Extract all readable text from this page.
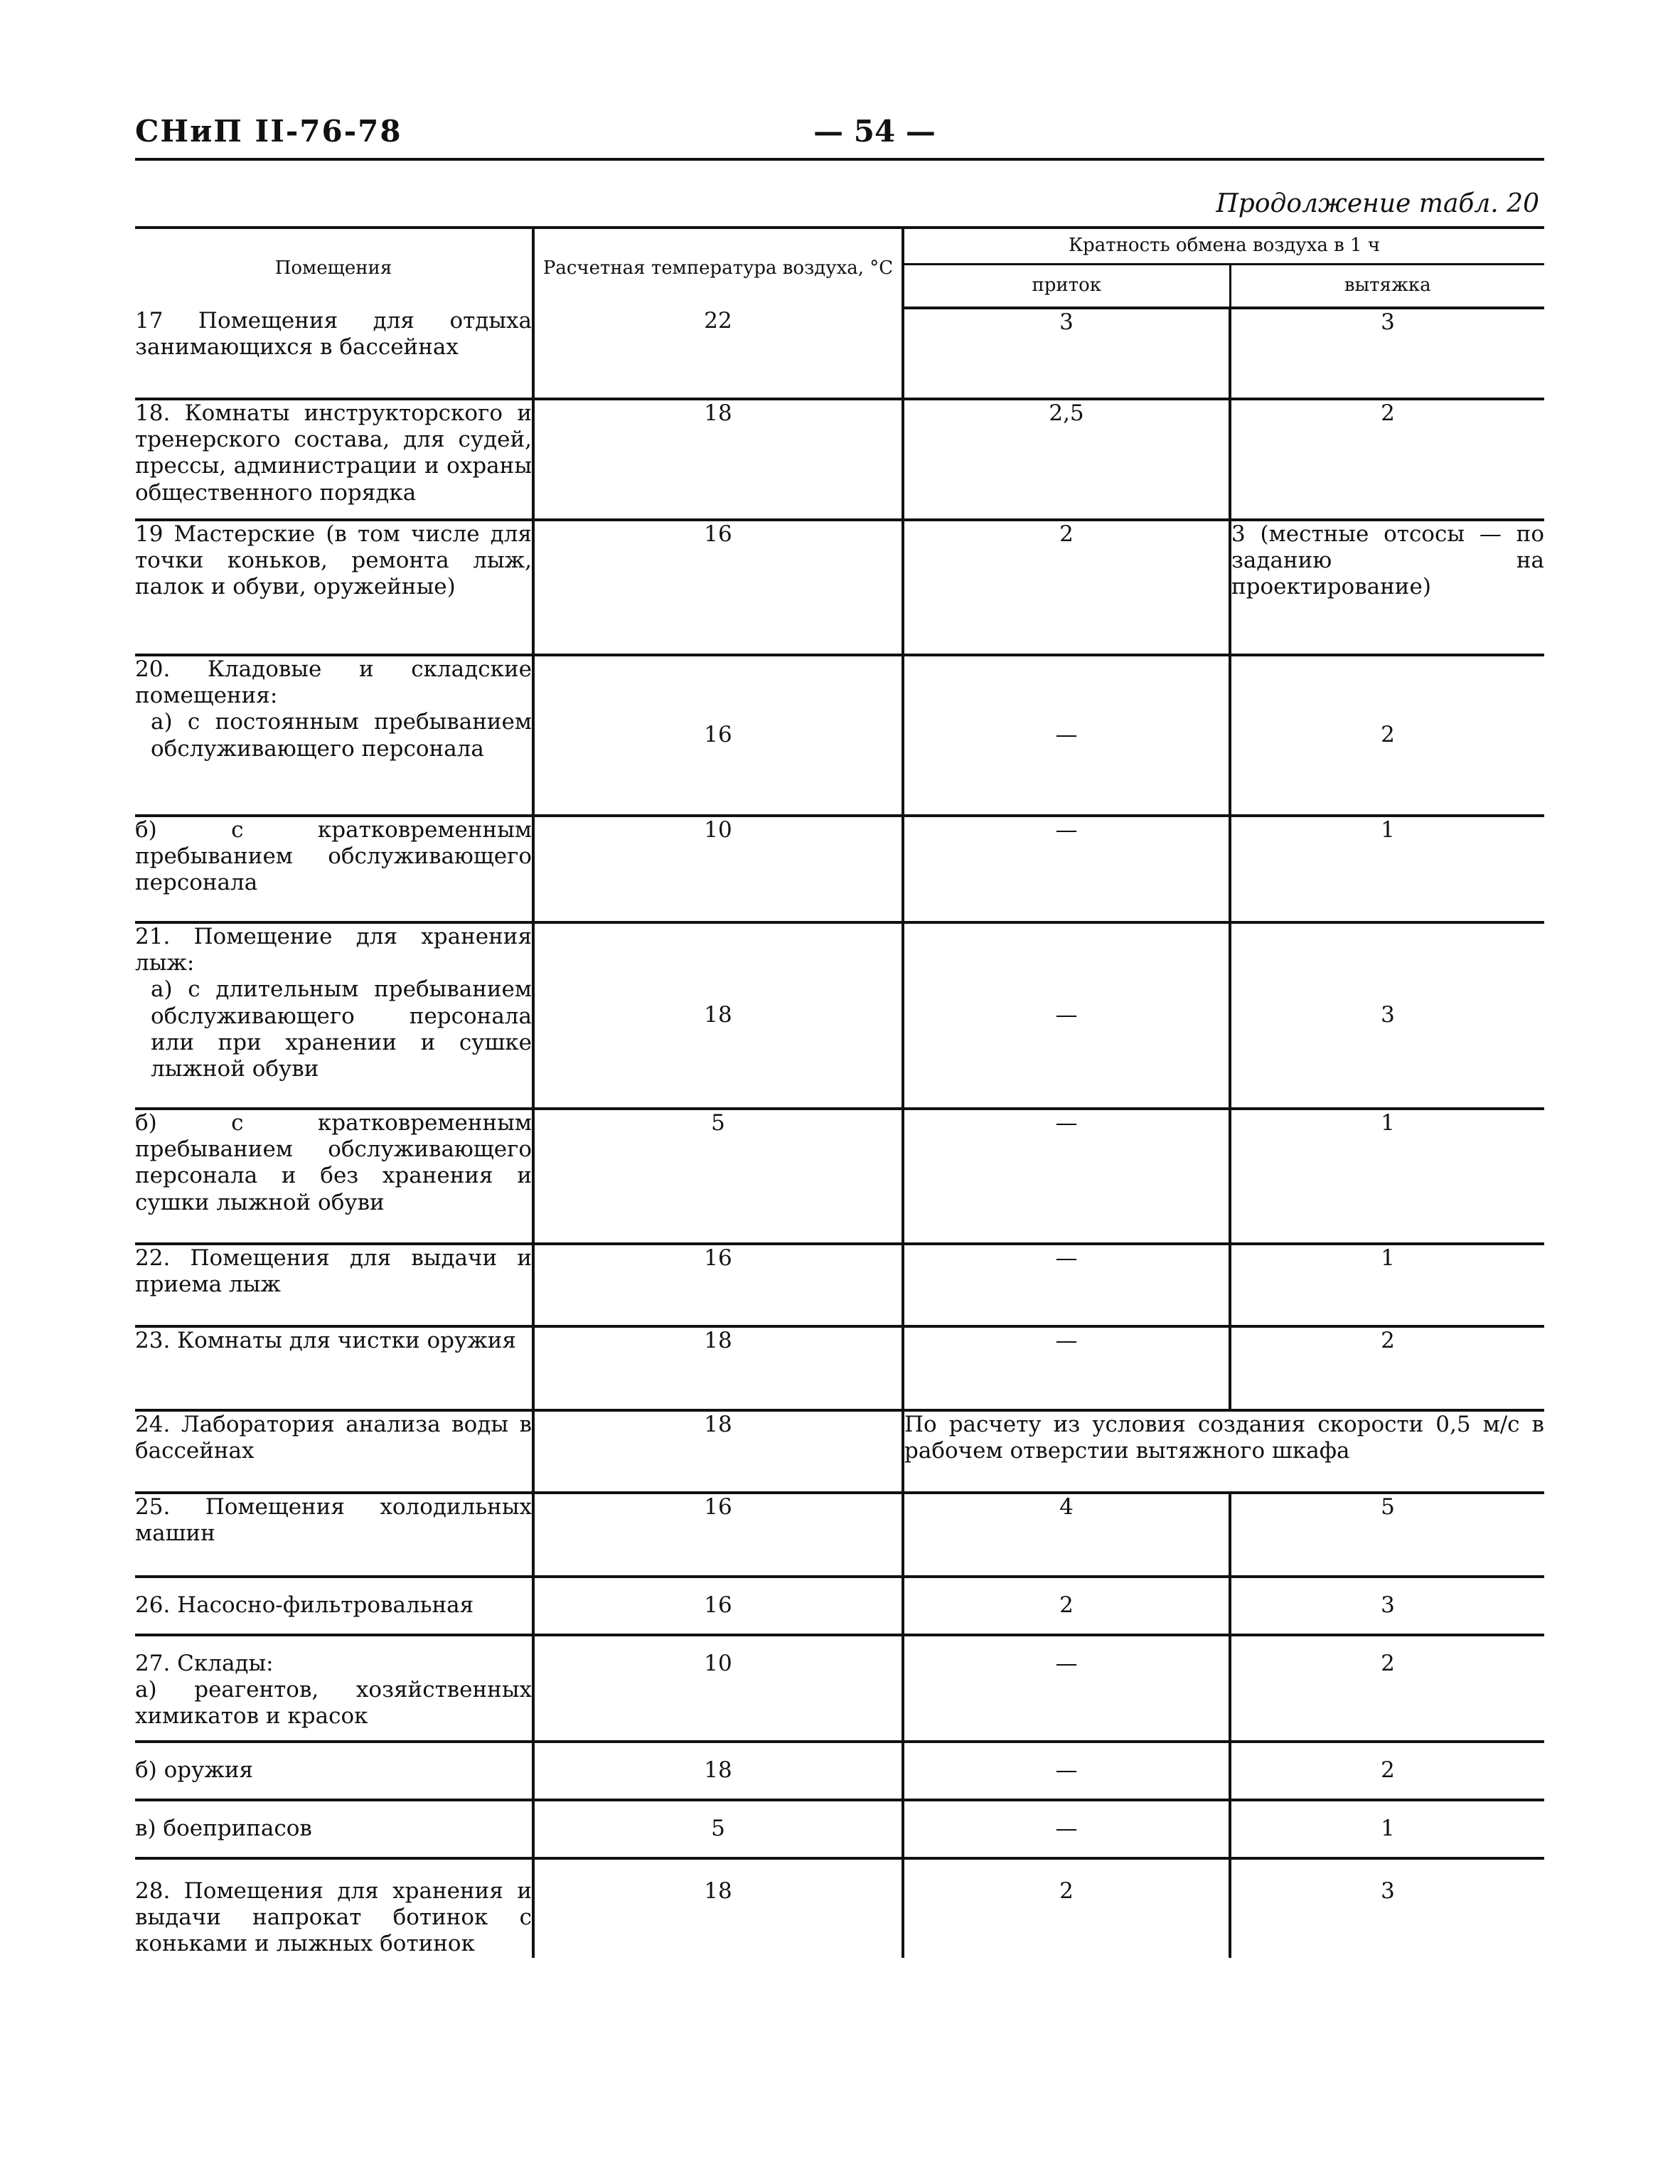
СНиП II-76-78	— 54 —
Продолжение табл. 20
Помещения	Расчетная температура воздуха, °С	Кратность обмена воздуха в 1 ч	
		приток	вытяжка
17 Помещения для отдыха занимающихся в бассейнах	22	3	3
18. Комнаты инструкторского и тренерского состава, для судей, прессы, администрации и охраны общественного порядка	18	2,5	2
19 Мастерские (в том числе для точки коньков, ремонта лыж, палок и обуви, оружейные)	16	2	3 (местные отсосы — по заданию на проектирование)
20. Кладовые и складские помещения:
а) с постоянным пребыванием обслуживающего персонала	16	—	2
б) с кратковременным пребыванием обслуживающего персонала	10	—	1
21. Помещение для хранения лыж:
а) с длительным пребыванием обслуживающего персонала или при хранении и сушке лыжной обуви	18	—	3
б) с кратковременным пребыванием обслуживающего персонала и без хранения и сушки лыжной обуви	5	—	1
22. Помещения для выдачи и приема лыж	16	—	1
23. Комнаты для чистки оружия	18	—	2
24. Лаборатория анализа воды в бассейнах	18	По расчету из условия создания скорости 0,5 м/с в рабочем отверстии вытяжного шкафа	
25. Помещения холодильных машин	16	4	5
26. Насосно-фильтровальная	16	2	3
27. Склады:
а) реагентов, хозяйственных химикатов и красок	10	—	2
б) оружия	18	—	2
в) боеприпасов	5	—	1
28. Помещения для хранения и выдачи напрокат ботинок с коньками и лыжных ботинок	18	2	3
